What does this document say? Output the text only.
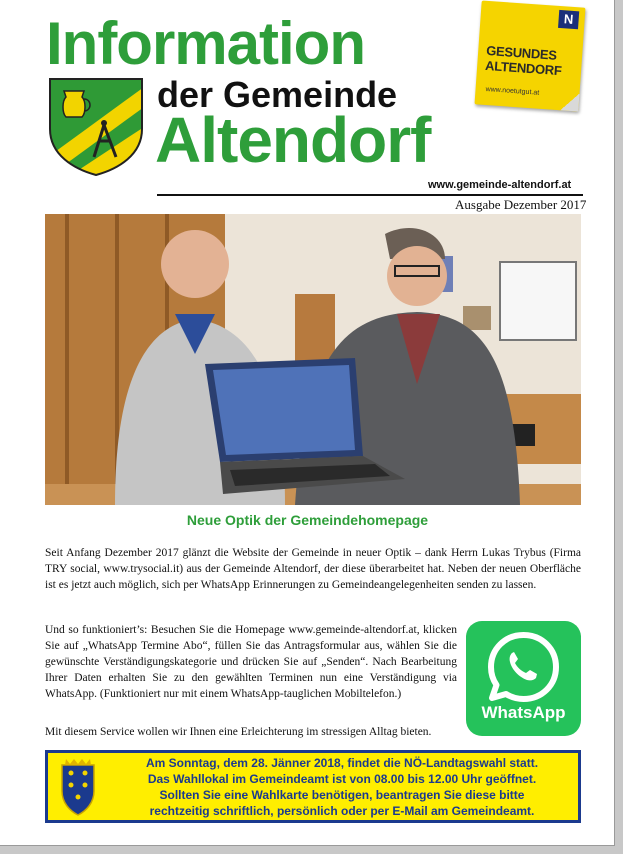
Information
der Gemeinde
Altendorf
N
GESUNDES
ALTENDORF
www.noetutgut.at
www.gemeinde-altendorf.at
Ausgabe Dezember 2017
Neue Optik der Gemeindehomepage

Seit Anfang Dezember 2017 glänzt die Website der Gemeinde in neuer Optik – dank Herrn Lukas Trybus (Firma TRY social, www.trysocial.it) aus der Gemeinde Altendorf, der diese überarbeitet hat. Neben der neuen Oberfläche ist es jetzt auch möglich, sich per WhatsApp Erinnerungen zu Gemeindeangelegenheiten senden zu lassen.

Und so funktioniert’s: Besuchen Sie die Homepage www.gemeinde-altendorf.at, klicken Sie auf „WhatsApp Termine Abo“, füllen Sie das Antragsformular aus, wählen Sie die gewünschte Verständigungskategorie und drücken Sie auf „Senden“. Nach Bearbeitung Ihrer Daten erhalten Sie zu den gewählten Terminen nun eine Verständigung via WhatsApp. (Funktioniert nur mit einem WhatsApp-tauglichen Mobiltelefon.)

Mit diesem Service wollen wir Ihnen eine Erleichterung im stressigen Alltag bieten.

WhatsApp
Am Sonntag, dem 28. Jänner 2018, findet die NÖ-Landtagswahl statt.
Das Wahllokal im Gemeindeamt ist von 08.00 bis 12.00 Uhr geöffnet.
Sollten Sie eine Wahlkarte benötigen, beantragen Sie diese bitte
rechtzeitig schriftlich, persönlich oder per E-Mail am Gemeindeamt.
